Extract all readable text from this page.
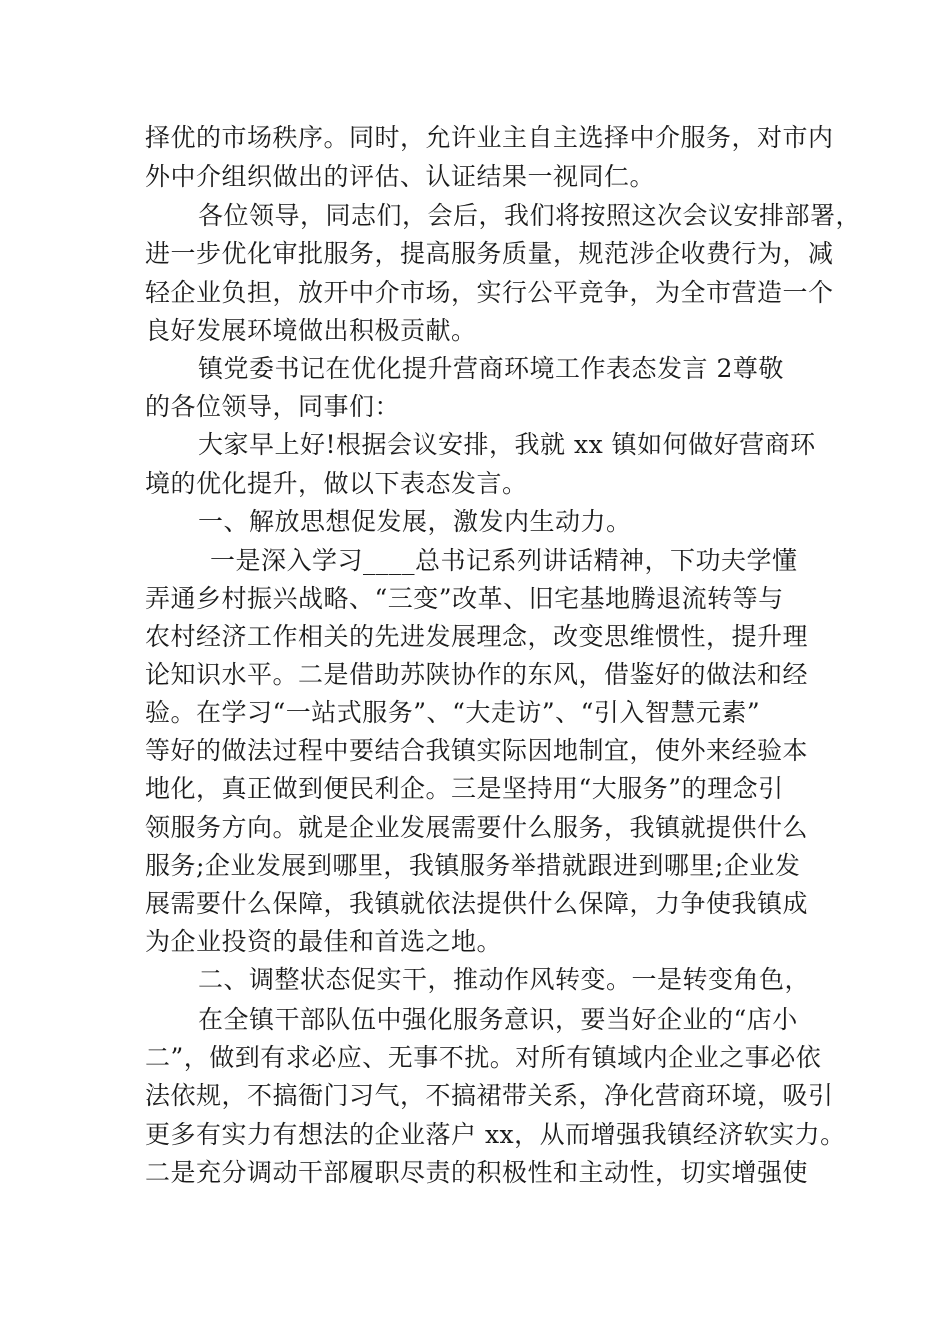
择优的市场秩序。同时，允许业主自主选择中介服务，对市内
外中介组织做出的评估、认证结果一视同仁。
各位领导，同志们，会后，我们将按照这次会议安排部署，
进一步优化审批服务，提高服务质量，规范涉企收费行为，减
轻企业负担，放开中介市场，实行公平竞争，为全市营造一个
良好发展环境做出积极贡献。
镇党委书记在优化提升营商环境工作表态发言 2尊敬
的各位领导，同事们：
大家早上好!根据会议安排，我就 xx 镇如何做好营商环
境的优化提升，做以下表态发言。
一、解放思想促发展，激发内生动力。
一是深入学习____总书记系列讲话精神，下功夫学懂
弄通乡村振兴战略、“三变”改革、旧宅基地腾退流转等与
农村经济工作相关的先进发展理念，改变思维惯性，提升理
论知识水平。二是借助苏陕协作的东风，借鉴好的做法和经
验。在学习“一站式服务”、“大走访”、“引入智慧元素”
等好的做法过程中要结合我镇实际因地制宜，使外来经验本
地化，真正做到便民利企。三是坚持用“大服务”的理念引
领服务方向。就是企业发展需要什么服务，我镇就提供什么
服务;企业发展到哪里，我镇服务举措就跟进到哪里;企业发
展需要什么保障，我镇就依法提供什么保障，力争使我镇成
为企业投资的最佳和首选之地。
二、调整状态促实干，推动作风转变。一是转变角色，
在全镇干部队伍中强化服务意识，要当好企业的“店小
二”，做到有求必应、无事不扰。对所有镇域内企业之事必依
法依规，不搞衙门习气，不搞裙带关系，净化营商环境，吸引
更多有实力有想法的企业落户 xx，从而增强我镇经济软实力。
二是充分调动干部履职尽责的积极性和主动性，切实增强使
